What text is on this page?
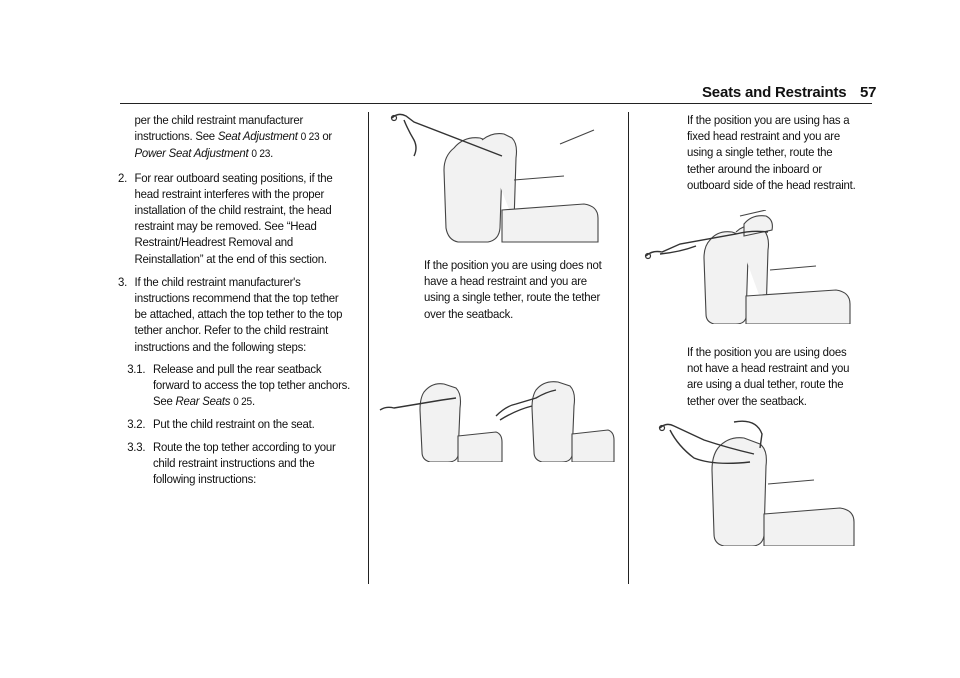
Seats and Restraints 57

per the child restraint manufacturer
instructions. See Seat Adjustment 0 23 or
Power Seat Adjustment 0 23.

2. For rear outboard seating positions, if the head restraint interferes with the proper installation of the child restraint, the head restraint may be removed. See “Head Restraint/Headrest Removal and Reinstallation” at the end of this section.
3. If the child restraint manufacturer's instructions recommend that the top tether be attached, attach the top tether to the top tether anchor. Refer to the child restraint instructions and the following steps:
3.1. Release and pull the rear seatback forward to access the top tether anchors. See Rear Seats 0 25.
3.2. Put the child restraint on the seat.
3.3. Route the top tether according to your child restraint instructions and the following instructions:

If the position you are using does not have a head restraint and you are using a single tether, route the tether over the seatback.

If the position you are using has a fixed head restraint and you are using a single tether, route the tether around the inboard or outboard side of the head restraint.

If the position you are using does not have a head restraint and you are using a dual tether, route the tether over the seatback.
